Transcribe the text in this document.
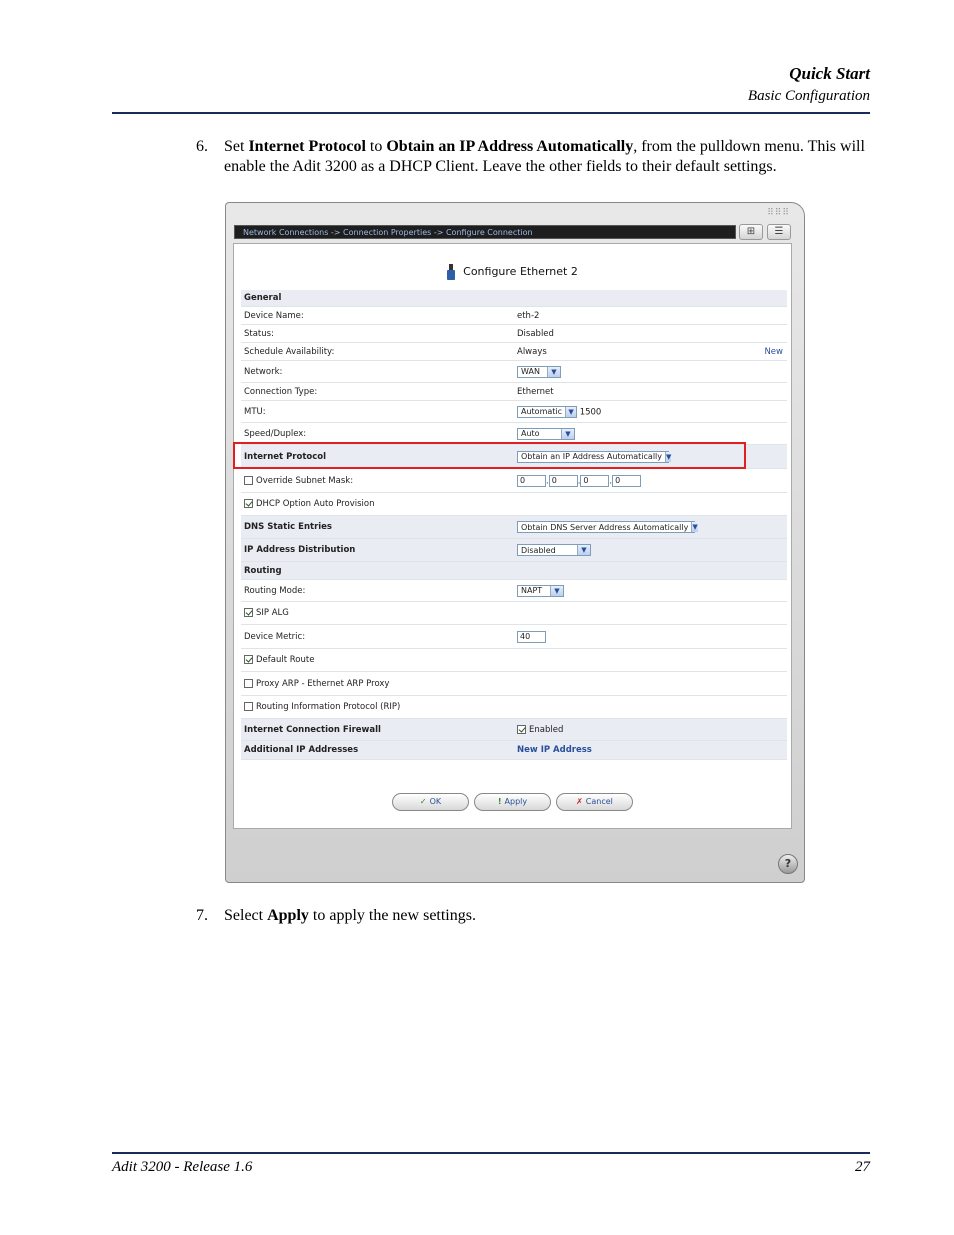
Quick Start
Basic Configuration
6. Set Internet Protocol to Obtain an IP Address Automatically, from the pulldown menu. This will enable the Adit 3200 as a DHCP Client. Leave the other fields to their default settings.
⠿⠿⠿
Network Connections -> Connection Properties -> Configure Connection	⊞	☰
Configure Ethernet 2
General
Device Name:	eth-2
Status:	Disabled
Schedule Availability:	Always	New
Network:	WAN	▼
Connection Type:	Ethernet
MTU:	Automatic ▼ 1500
Speed/Duplex:	Auto	▼
Internet Protocol	Obtain an IP Address Automatically ▼
Override Subnet Mask:	0 . 0 . 0 . 0
DHCP Option Auto Provision
DNS Static Entries	Obtain DNS Server Address Automatically ▼
IP Address Distribution	Disabled	▼
Routing
Routing Mode:	NAPT	▼
SIP ALG
Device Metric:	40
Default Route
Proxy ARP - Ethernet ARP Proxy
Routing Information Protocol (RIP)
Internet Connection Firewall	Enabled
Additional IP Addresses	New IP Address
✓ OK	! Apply	✗ Cancel
?
7. Select Apply to apply the new settings.
Adit 3200 - Release 1.6	27
